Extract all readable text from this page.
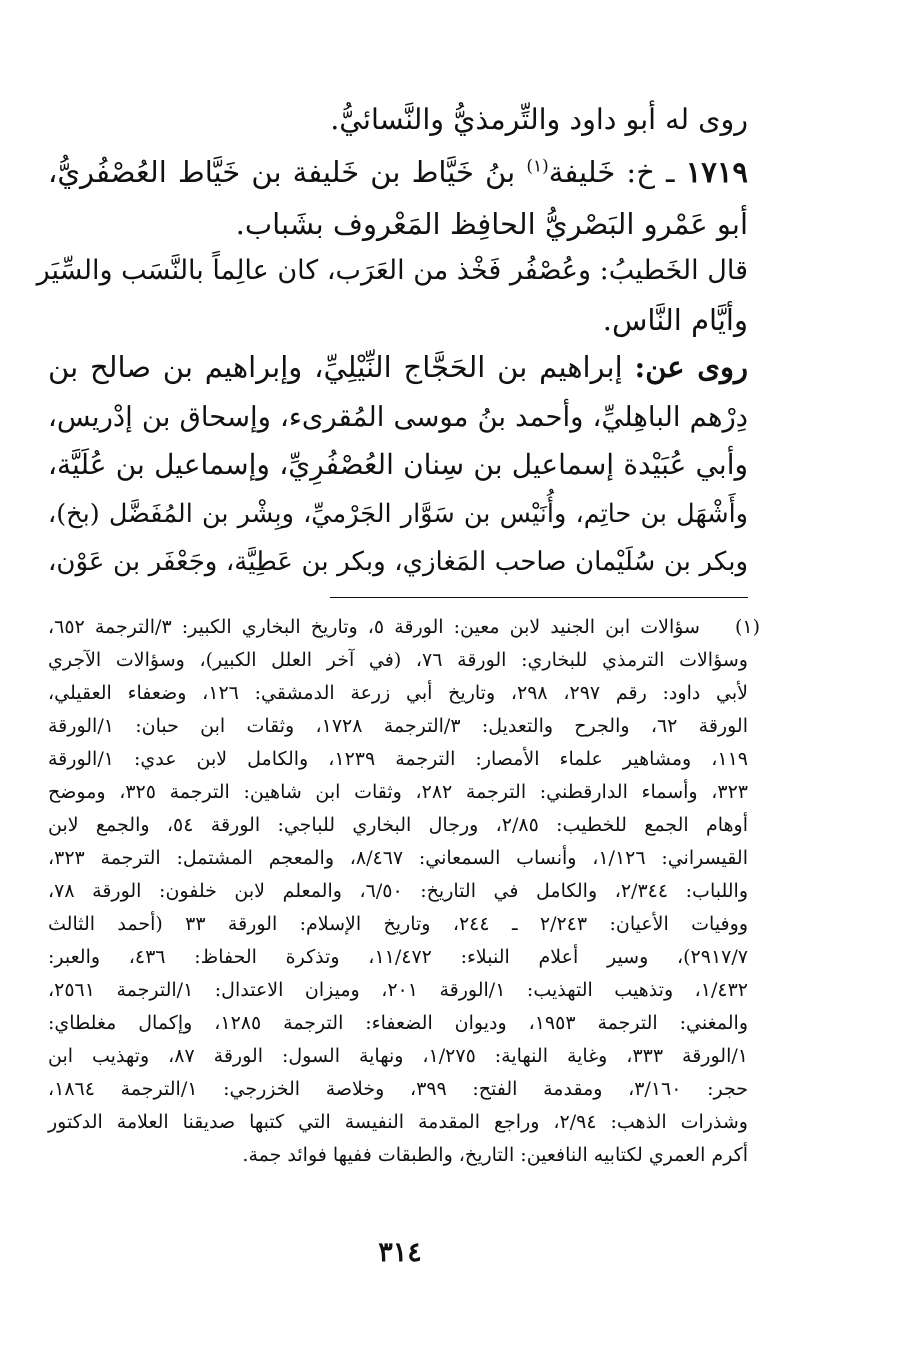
روى له أبو داود والتِّرمذيُّ والنَّسائيُّ.

١٧١٩ ـ خ: خَليفة$^{(١)}$ بنُ خَيَّاط بن خَليفة بن خَيَّاط العُصْفُريُّ،

أبو عَمْرو البَصْريُّ الحافِظ المَعْروف بشَباب.

قال الخَطيبُ: وعُصْفُر فَخْذ من العَرَب، كان عالِماً بالنَّسَب والسِّيَر

وأيَّام النَّاس.

روى عن: إبراهيم بن الحَجَّاج النِّيْلِيِّ، وإبراهيم بن صالح بن

دِرْهم الباهِليِّ، وأحمد بنُ موسى المُقرىء، وإسحاق بن إدْريس،

وأبي عُبَيْدة إسماعيل بن سِنان العُصْفُرِيِّ، وإسماعيل بن عُلَيَّة،

وأَشْهَل بن حاتِم، وأُنَيْس بن سَوَّار الجَرْميِّ، وبِشْر بن المُفَضَّل (بخ)،

وبكر بن سُلَيْمان صاحب المَغازي، وبكر بن عَطِيَّة، وجَعْفَر بن عَوْن،

(١)

سؤالات ابن الجنيد لابن معين: الورقة ٥، وتاريخ البخاري الكبير: ٣/الترجمة ٦٥٢،

وسؤالات الترمذي للبخاري: الورقة ٧٦، (في آخر العلل الكبير)، وسؤالات الآجري

لأبي داود: رقم ٢٩٧، ٢٩٨، وتاريخ أبي زرعة الدمشقي: ١٢٦، وضعفاء العقيلي،

الورقة ٦٢، والجرح والتعديل: ٣/الترجمة ١٧٢٨، وثقات ابن حبان: ١/الورقة

١١٩، ومشاهير علماء الأمصار: الترجمة ١٢٣٩، والكامل لابن عدي: ١/الورقة

٣٢٣، وأسماء الدارقطني: الترجمة ٢٨٢، وثقات ابن شاهين: الترجمة ٣٢٥، وموضح

أوهام الجمع للخطيب: ٢/٨٥، ورجال البخاري للباجي: الورقة ٥٤، والجمع لابن

القيسراني: ١/١٢٦، وأنساب السمعاني: ٨/٤٦٧، والمعجم المشتمل: الترجمة ٣٢٣،

واللباب: ٢/٣٤٤، والكامل في التاريخ: ٦/٥٠، والمعلم لابن خلفون: الورقة ٧٨،

ووفيات الأعيان: ٢/٢٤٣ ـ ٢٤٤، وتاريخ الإسلام: الورقة ٣٣ (أحمد الثالث

٢٩١٧/٧)، وسير أعلام النبلاء: ١١/٤٧٢، وتذكرة الحفاظ: ٤٣٦، والعبر:

١/٤٣٢، وتذهيب التهذيب: ١/الورقة ٢٠١، وميزان الاعتدال: ١/الترجمة ٢٥٦١،

والمغني: الترجمة ١٩٥٣، وديوان الضعفاء: الترجمة ١٢٨٥، وإكمال مغلطاي:

١/الورقة ٣٣٣، وغاية النهاية: ١/٢٧٥، ونهاية السول: الورقة ٨٧، وتهذيب ابن

حجر: ٣/١٦٠، ومقدمة الفتح: ٣٩٩، وخلاصة الخزرجي: ١/الترجمة ١٨٦٤،

وشذرات الذهب: ٢/٩٤، وراجع المقدمة النفيسة التي كتبها صديقنا العلامة الدكتور

أكرم العمري لكتابيه النافعين: التاريخ، والطبقات ففيها فوائد جمة.

٣١٤
